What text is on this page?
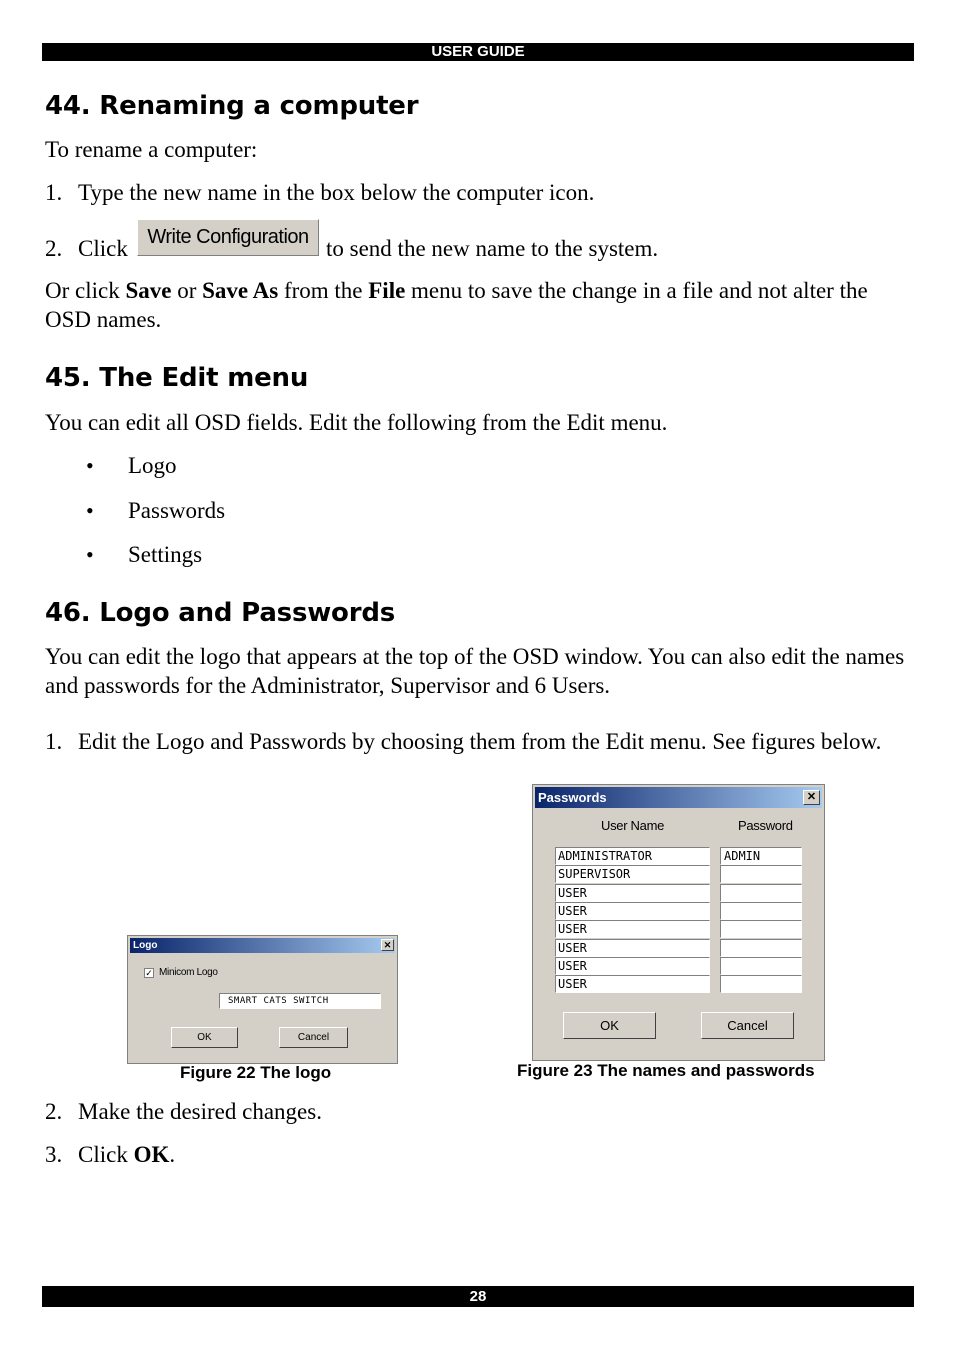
USER GUIDE
44. Renaming a computer
To rename a computer:
1. Type the new name in the box below the computer icon.
2. Click Write Configuration to send the new name to the system.
Or click Save or Save As from the File menu to save the change in a file and not alter the OSD names.
45. The Edit menu
You can edit all OSD fields. Edit the following from the Edit menu.
• Logo
• Passwords
• Settings
46. Logo and Passwords
You can edit the logo that appears at the top of the OSD window. You can also edit the names and passwords for the Administrator, Supervisor and 6 Users.
1. Edit the Logo and Passwords by choosing them from the Edit menu. See figures below.
Logo	✕
✓ Minicom Logo
SMART CATS SWITCH
OK	Cancel
Figure 22 The logo
Passwords	✕
User Name	Password
ADMINISTRATOR	ADMIN
SUPERVISOR
USER
USER
USER
USER
USER
USER
OK	Cancel
Figure 23 The names and passwords
2. Make the desired changes.
3. Click OK.
28
